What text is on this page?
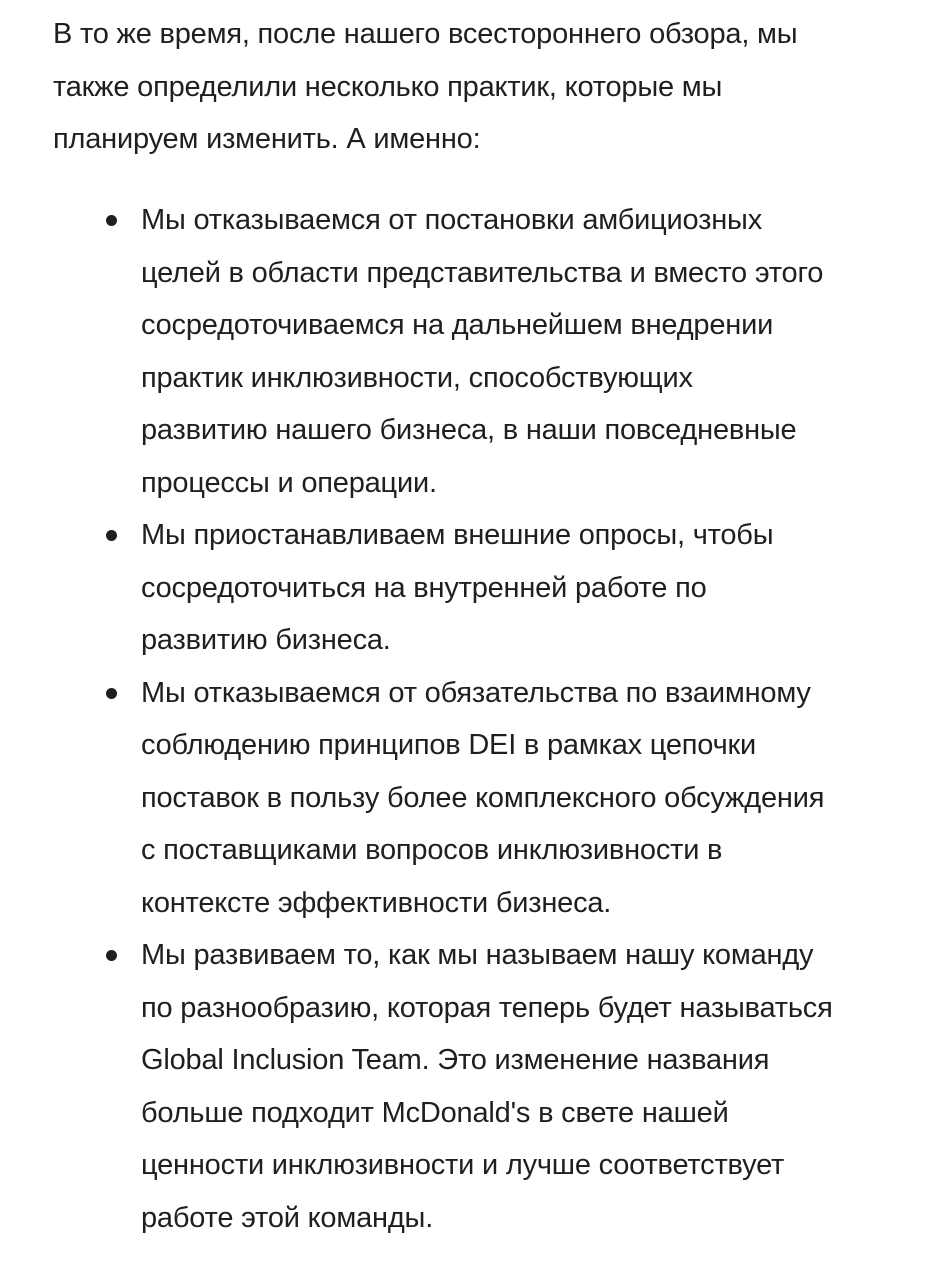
В то же время, после нашего всестороннего обзора, мы
также определили несколько практик, которые мы
планируем изменить. А именно:

Мы отказываемся от постановки амбициозных
целей в области представительства и вместо этого
сосредоточиваемся на дальнейшем внедрении
практик инклюзивности, способствующих
развитию нашего бизнеса, в наши повседневные
процессы и операции.
Мы приостанавливаем внешние опросы, чтобы
сосредоточиться на внутренней работе по
развитию бизнеса.
Мы отказываемся от обязательства по взаимному
соблюдению принципов DEI в рамках цепочки
поставок в пользу более комплексного обсуждения
с поставщиками вопросов инклюзивности в
контексте эффективности бизнеса.
Мы развиваем то, как мы называем нашу команду
по разнообразию, которая теперь будет называться
Global Inclusion Team. Это изменение названия
больше подходит McDonald's в свете нашей
ценности инклюзивности и лучше соответствует
работе этой команды.
